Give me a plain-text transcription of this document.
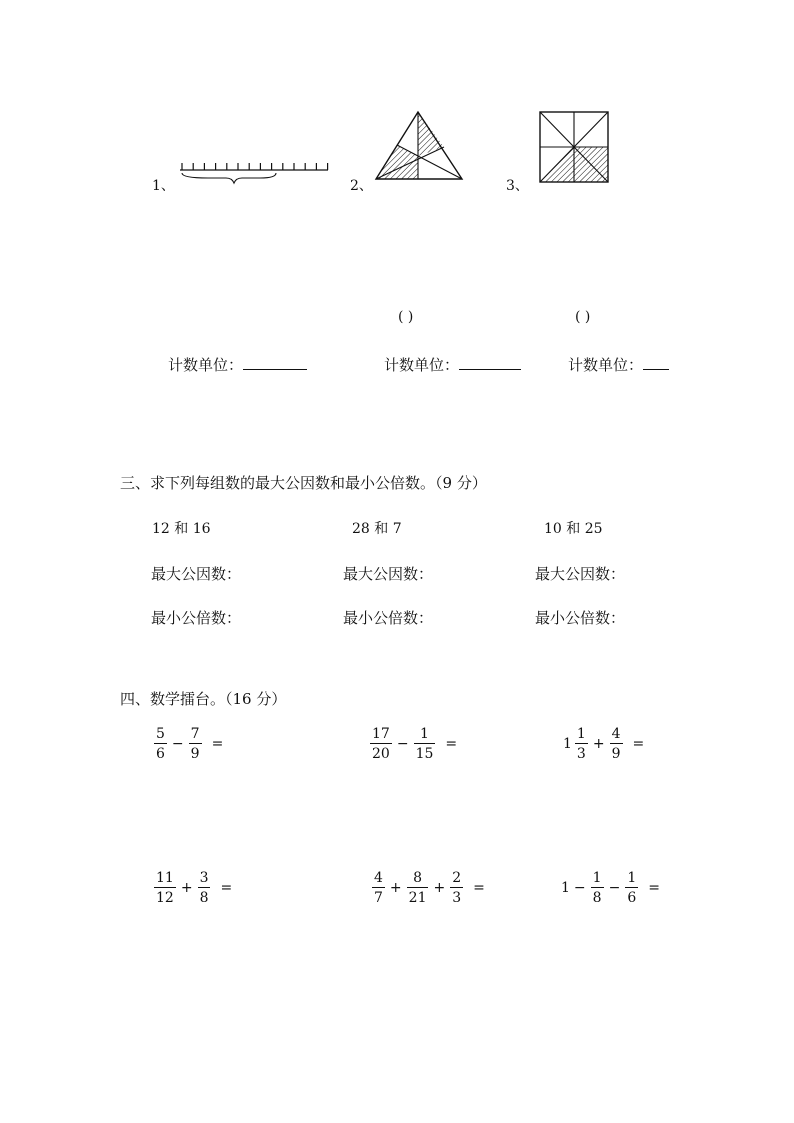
1、	2、	3、
( )	( )
计数单位：	计数单位：	计数单位：
三、求下列每组数的最大公因数和最小公倍数。（9 分）
12 和 16	28 和 7	10 和 25
最大公因数：	最大公因数：	最大公因数：
最小公倍数：	最小公倍数：	最小公倍数：
四、数学擂台。（16 分）
$\frac{5}{6} - \frac{7}{9}$ =	$\frac{17}{20} - \frac{1}{15}$ =	$1 \frac{1}{3} + \frac{4}{9}$ =
$\frac{11}{12} + \frac{3}{8}$ =	$\frac{4}{7} + \frac{8}{21} + \frac{2}{3}$ =	$1 - \frac{1}{8} - \frac{1}{6}$ =
